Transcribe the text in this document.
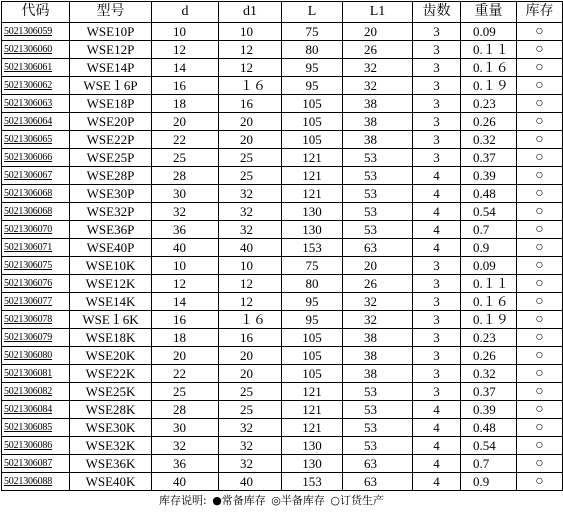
代码	型号	d	d1	L	L1	齿数	重量	库存
5021306059	WSE10P	10	10	75	20	3	0.09	○
5021306060	WSE12P	12	12	80	26	3	0.１１	○
5021306061	WSE14P	14	12	95	32	3	0.１６	○
5021306062	WSE１6P	16	１６	95	32	3	0.１９	○
5021306063	WSE18P	18	16	105	38	3	0.23	○
5021306064	WSE20P	20	20	105	38	3	0.26	○
5021306065	WSE22P	22	20	105	38	3	0.32	○
5021306066	WSE25P	25	25	121	53	3	0.37	○
5021306067	WSE28P	28	25	121	53	4	0.39	○
5021306068	WSE30P	30	32	121	53	4	0.48	○
5021306068	WSE32P	32	32	130	53	4	0.54	○
5021306070	WSE36P	36	32	130	53	4	0.7	○
5021306071	WSE40P	40	40	153	63	4	0.9	○
5021306075	WSE10K	10	10	75	20	3	0.09	○
5021306076	WSE12K	12	12	80	26	3	0.１１	○
5021306077	WSE14K	14	12	95	32	3	0.１６	○
5021306078	WSE１6K	16	１６	95	32	3	0.１９	○
5021306079	WSE18K	18	16	105	38	3	0.23	○
5021306080	WSE20K	20	20	105	38	3	0.26	○
5021306081	WSE22K	22	20	105	38	3	0.32	○
5021306082	WSE25K	25	25	121	53	3	0.37	○
5021306084	WSE28K	28	25	121	53	4	0.39	○
5021306085	WSE30K	30	32	121	53	4	0.48	○
5021306086	WSE32K	32	32	130	53	4	0.54	○
5021306087	WSE36K	36	32	130	63	4	0.7	○
5021306088	WSE40K	40	40	153	63	4	0.9	○
库存说明: ●常备库存 ◎半备库存 ○订货生产
